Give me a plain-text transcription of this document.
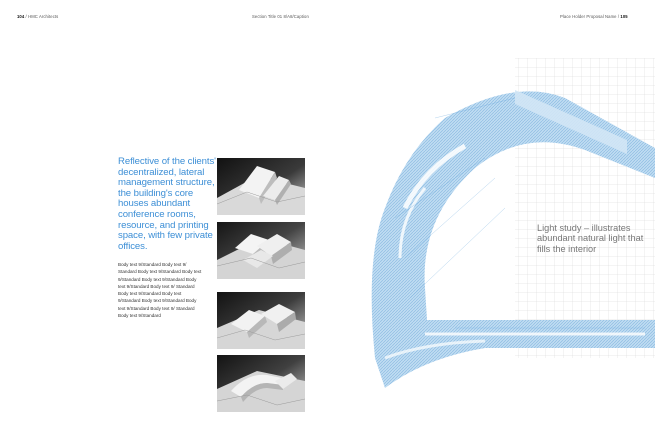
104 / HMC Architects	Section Title 01 8/A8/Caption	Place Holder Proposal Name / 105
Reflective of the clients' decentralized, lateral management structure, the building's core houses abundant conference rooms, resource, and printing space, with few private offices.
Body text 9/Standard Body text 9/ Standard Body text 9/Standard Body text 9/Standard Body text 9/Standard Body text 9/Standard Body text 9/ Standard Body text 9/Standard Body text 9/Standard Body text 9/Standard Body text 9/Standard Body text 9/ Standard Body text 9/Standard
Light study – illustrates abundant natural light that fills the interior
